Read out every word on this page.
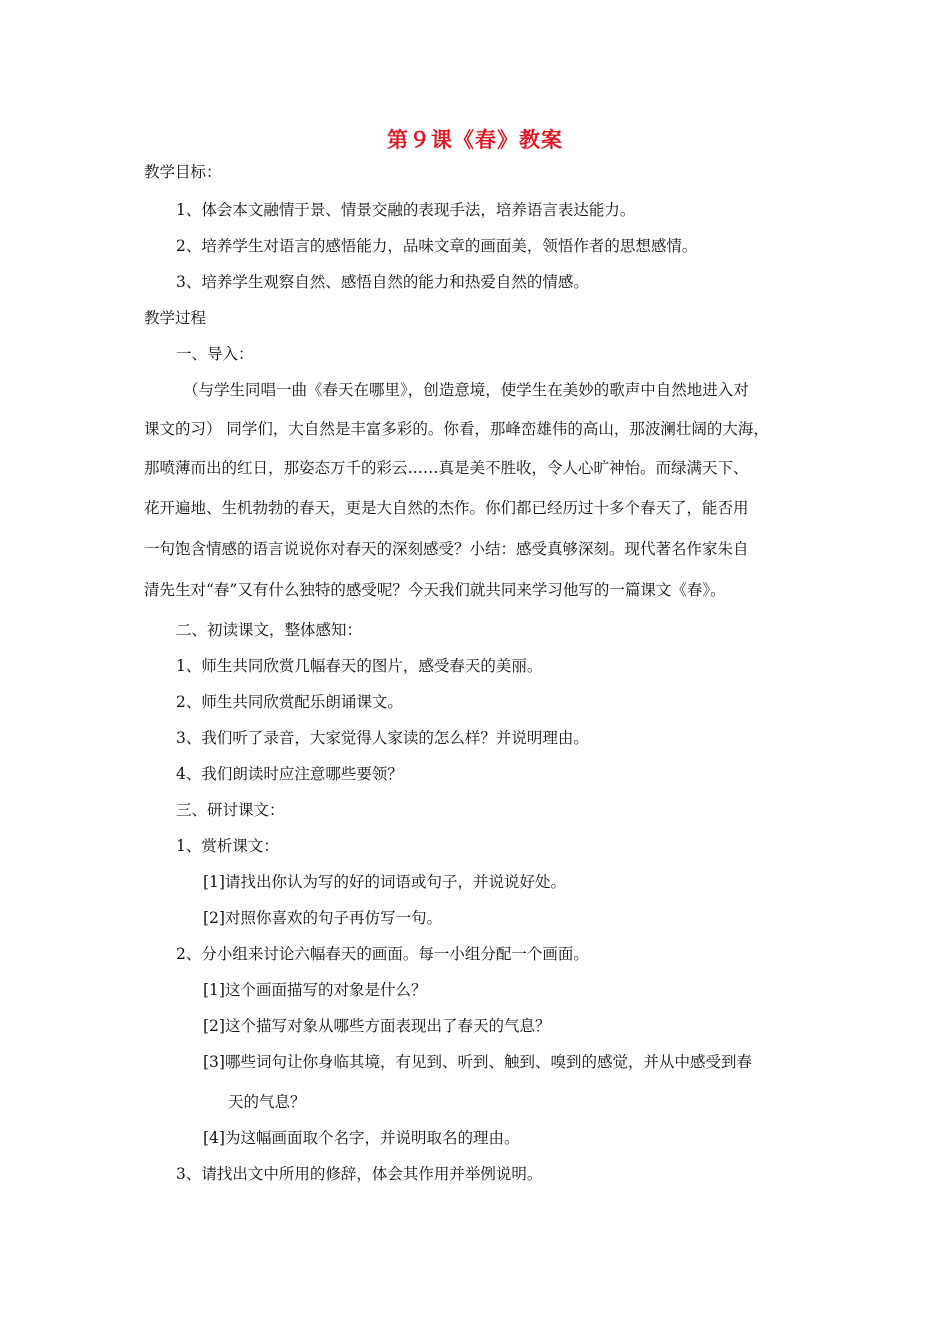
第９课《春》教案
教学目标：
1、体会本文融情于景、情景交融的表现手法，培养语言表达能力。
2、培养学生对语言的感悟能力，品味文章的画面美，领悟作者的思想感情。
3、培养学生观察自然、感悟自然的能力和热爱自然的情感。
教学过程
一、导入：
（与学生同唱一曲《春天在哪里》，创造意境，使学生在美妙的歌声中自然地进入对
课文的习） 同学们，大自然是丰富多彩的。你看，那峰峦雄伟的高山，那波澜壮阔的大海，
那喷薄而出的红日，那姿态万千的彩云……真是美不胜收，令人心旷神怡。而绿满天下、
花开遍地、生机勃勃的春天，更是大自然的杰作。你们都已经历过十多个春天了，能否用
一句饱含情感的语言说说你对春天的深刻感受？小结：感受真够深刻。现代著名作家朱自
清先生对“春”又有什么独特的感受呢？今天我们就共同来学习他写的一篇课文《春》。
二、初读课文，整体感知：
1、师生共同欣赏几幅春天的图片，感受春天的美丽。
2、师生共同欣赏配乐朗诵课文。
3、我们听了录音，大家觉得人家读的怎么样？并说明理由。
4、我们朗读时应注意哪些要领？
三、研讨课文：
1、赏析课文：
[1]请找出你认为写的好的词语或句子，并说说好处。
[2]对照你喜欢的句子再仿写一句。
2、分小组来讨论六幅春天的画面。每一小组分配一个画面。
[1]这个画面描写的对象是什么？
[2]这个描写对象从哪些方面表现出了春天的气息？
[3]哪些词句让你身临其境，有见到、听到、触到、嗅到的感觉，并从中感受到春
天的气息？
[4]为这幅画面取个名字，并说明取名的理由。
3、请找出文中所用的修辞，体会其作用并举例说明。
